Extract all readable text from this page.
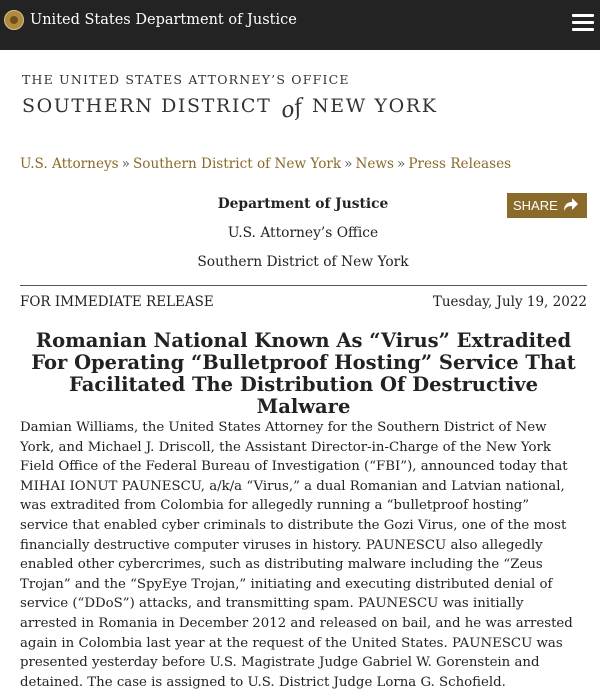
United States Department of Justice
THE UNITED STATES ATTORNEY’S OFFICE
SOUTHERN DISTRICT of NEW YORK
U.S. Attorneys » Southern District of New York » News » Press Releases
Department of Justice
U.S. Attorney’s Office
Southern District of New York
SHARE
FOR IMMEDIATE RELEASE	Tuesday, July 19, 2022
Romanian National Known As “Virus” Extradited For Operating “Bulletproof Hosting” Service That Facilitated The Distribution Of Destructive Malware
Damian Williams, the United States Attorney for the Southern District of New York, and Michael J. Driscoll, the Assistant Director-in-Charge of the New York Field Office of the Federal Bureau of Investigation (“FBI”), announced today that MIHAI IONUT PAUNESCU, a/k/a “Virus,” a dual Romanian and Latvian national, was extradited from Colombia for allegedly running a “bulletproof hosting” service that enabled cyber criminals to distribute the Gozi Virus, one of the most financially destructive computer viruses in history. PAUNESCU also allegedly enabled other cybercrimes, such as distributing malware including the “Zeus Trojan” and the “SpyEye Trojan,” initiating and executing distributed denial of service (“DDoS”) attacks, and transmitting spam. PAUNESCU was initially arrested in Romania in December 2012 and released on bail, and he was arrested again in Colombia last year at the request of the United States. PAUNESCU was presented yesterday before U.S. Magistrate Judge Gabriel W. Gorenstein and detained. The case is assigned to U.S. District Judge Lorna G. Schofield.
